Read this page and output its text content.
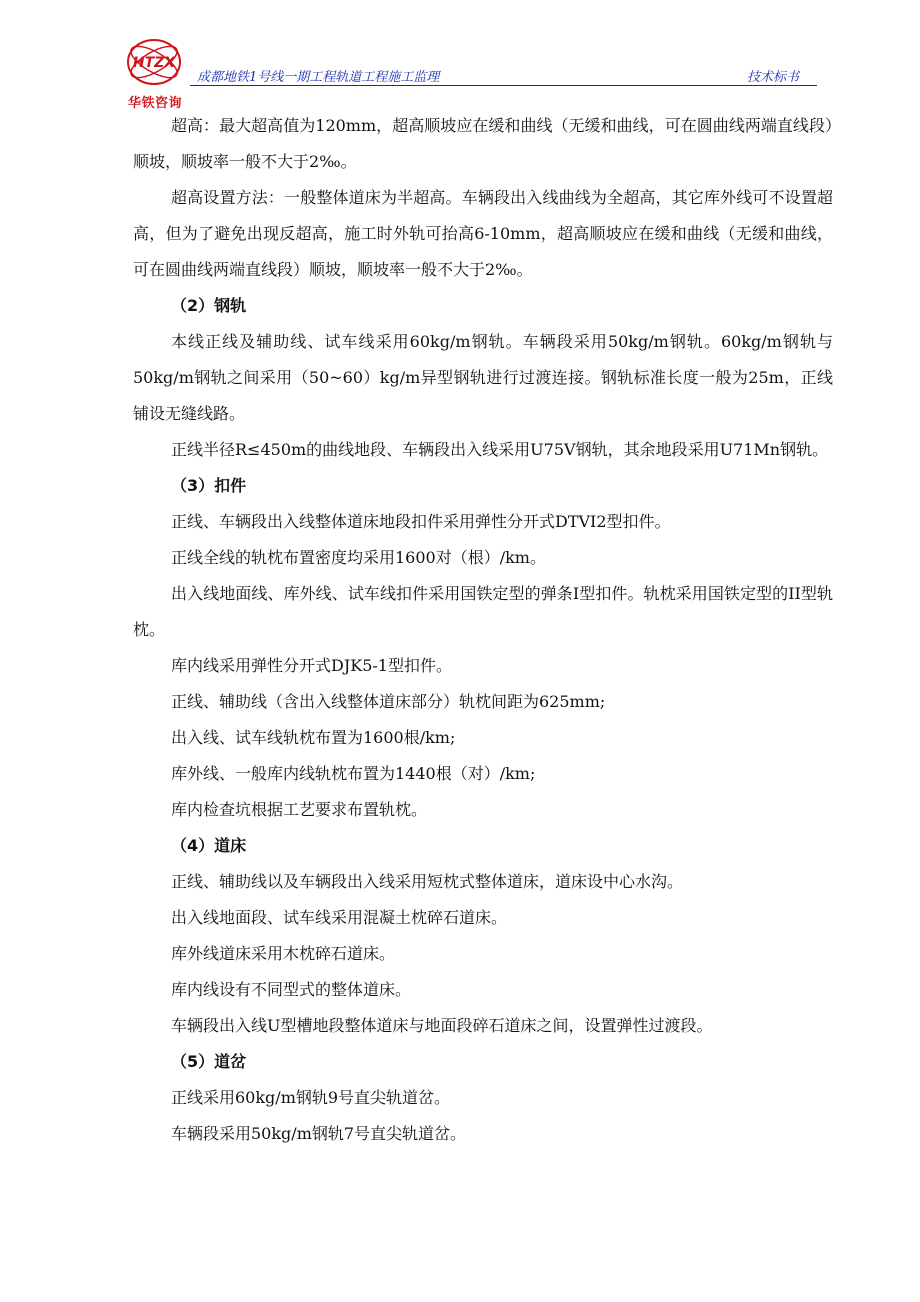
HTZX
华铁咨询
成都地铁1号线一期工程轨道工程施工监理	技术标书

超高：最大超高值为120mm，超高顺坡应在缓和曲线（无缓和曲线，可在圆曲线两端直线段）顺坡，顺坡率一般不大于2‰。

超高设置方法：一般整体道床为半超高。车辆段出入线曲线为全超高，其它库外线可不设置超高，但为了避免出现反超高，施工时外轨可抬高6-10mm，超高顺坡应在缓和曲线（无缓和曲线，可在圆曲线两端直线段）顺坡，顺坡率一般不大于2‰。

（2）钢轨

本线正线及辅助线、试车线采用60kg/m钢轨。车辆段采用50kg/m钢轨。60kg/m钢轨与50kg/m钢轨之间采用（50~60）kg/m异型钢轨进行过渡连接。钢轨标准长度一般为25m，正线铺设无缝线路。

正线半径R≤450m的曲线地段、车辆段出入线采用U75V钢轨，其余地段采用U71Mn钢轨。

（3）扣件

正线、车辆段出入线整体道床地段扣件采用弹性分开式DTVI2型扣件。

正线全线的轨枕布置密度均采用1600对（根）/km。

出入线地面线、库外线、试车线扣件采用国铁定型的弹条I型扣件。轨枕采用国铁定型的II型轨枕。

库内线采用弹性分开式DJK5-1型扣件。

正线、辅助线（含出入线整体道床部分）轨枕间距为625mm;

出入线、试车线轨枕布置为1600根/km;

库外线、一般库内线轨枕布置为1440根（对）/km;

库内检查坑根据工艺要求布置轨枕。

（4）道床

正线、辅助线以及车辆段出入线采用短枕式整体道床，道床设中心水沟。

出入线地面段、试车线采用混凝土枕碎石道床。

库外线道床采用木枕碎石道床。

库内线设有不同型式的整体道床。

车辆段出入线U型槽地段整体道床与地面段碎石道床之间，设置弹性过渡段。

（5）道岔

正线采用60kg/m钢轨9号直尖轨道岔。

车辆段采用50kg/m钢轨7号直尖轨道岔。
